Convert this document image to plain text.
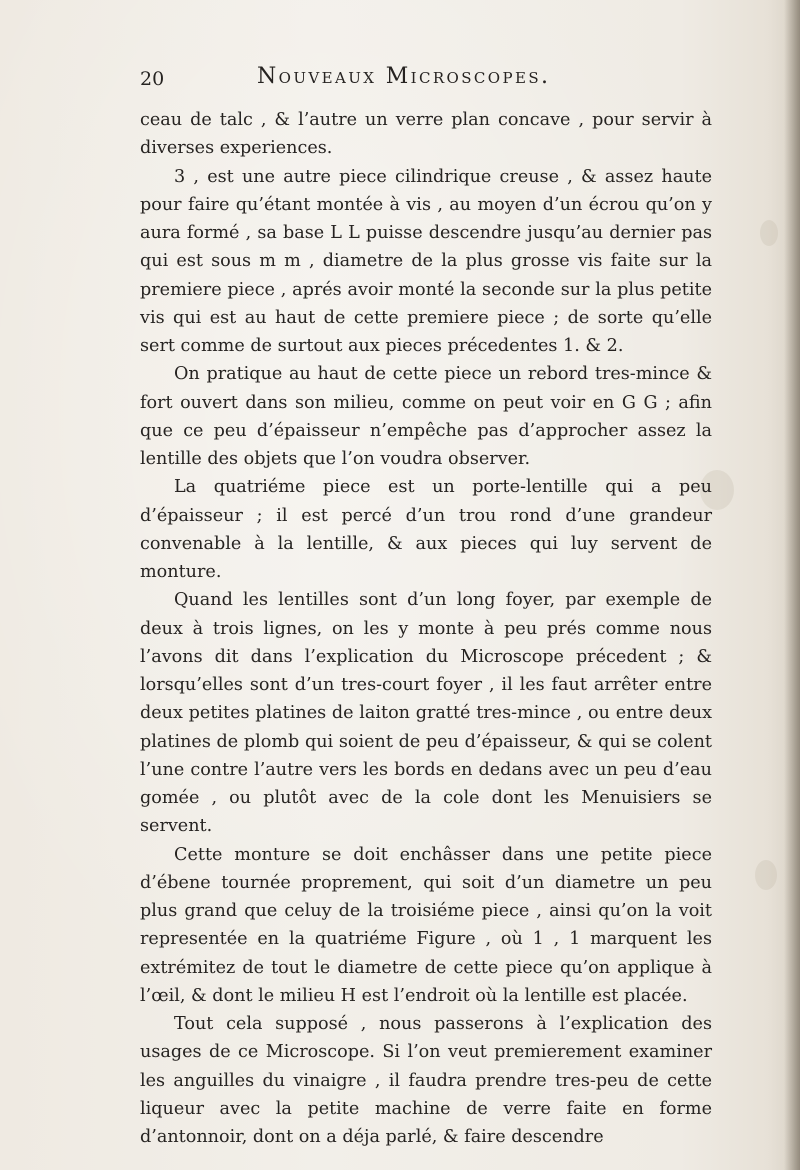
20	Nouveaux Microscopes.

ceau de talc , & l’autre un verre plan concave , pour servir à diverses experiences.

3 , est une autre piece cilindrique creuse , & assez haute pour faire qu’étant montée à vis , au moyen d’un écrou qu’on y aura formé , sa base L L puisse descendre jusqu’au dernier pas qui est sous m m , diametre de la plus grosse vis faite sur la premiere piece , aprés avoir monté la seconde sur la plus petite vis qui est au haut de cette premiere piece ; de sorte qu’elle sert comme de surtout aux pieces précedentes 1. & 2.

On pratique au haut de cette piece un rebord tres-mince & fort ouvert dans son milieu, comme on peut voir en G G ; afin que ce peu d’épaisseur n’empêche pas d’approcher assez la lentille des objets que l’on voudra observer.

La quatriéme piece est un porte-lentille qui a peu d’épaisseur ; il est percé d’un trou rond d’une grandeur convenable à la lentille, & aux pieces qui luy servent de monture.

Quand les lentilles sont d’un long foyer, par exemple de deux à trois lignes, on les y monte à peu prés comme nous l’avons dit dans l’explication du Microscope précedent ; & lorsqu’elles sont d’un tres-court foyer , il les faut arrêter entre deux petites platines de laiton gratté tres-mince , ou entre deux platines de plomb qui soient de peu d’épaisseur, & qui se colent l’une contre l’autre vers les bords en dedans avec un peu d’eau gomée , ou plutôt avec de la cole dont les Menuisiers se servent.

Cette monture se doit enchâsser dans une petite piece d’ébene tournée proprement, qui soit d’un diametre un peu plus grand que celuy de la troisiéme piece , ainsi qu’on la voit representée en la quatriéme Figure , où 1 , 1 marquent les extrémitez de tout le diametre de cette piece qu’on applique à l’œil, & dont le milieu H est l’endroit où la lentille est placée.

Tout cela supposé , nous passerons à l’explication des usages de ce Microscope. Si l’on veut premierement examiner les anguilles du vinaigre , il faudra prendre tres-peu de cette liqueur avec la petite machine de verre faite en forme d’antonnoir, dont on a déja parlé, & faire descendre
